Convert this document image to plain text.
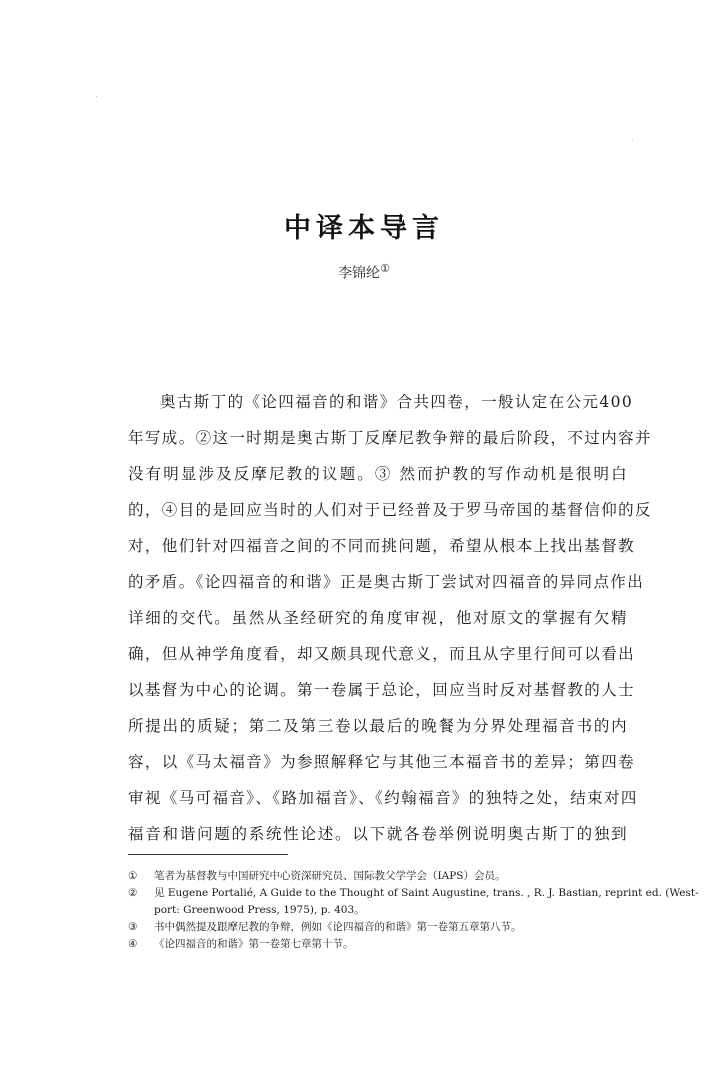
中译本导言
李锦纶①
奥古斯丁的《论四福音的和谐》合共四卷，一般认定在公元400
年写成。②这一时期是奥古斯丁反摩尼教争辩的最后阶段，不过内容并
没有明显涉及反摩尼教的议题。③ 然而护教的写作动机是很明白
的，④目的是回应当时的人们对于已经普及于罗马帝国的基督信仰的反
对，他们针对四福音之间的不同而挑问题，希望从根本上找出基督教
的矛盾。《论四福音的和谐》正是奥古斯丁尝试对四福音的异同点作出
详细的交代。虽然从圣经研究的角度审视，他对原文的掌握有欠精
确，但从神学角度看，却又颇具现代意义，而且从字里行间可以看出
以基督为中心的论调。第一卷属于总论，回应当时反对基督教的人士
所提出的质疑；第二及第三卷以最后的晚餐为分界处理福音书的内
容，以《马太福音》为参照解释它与其他三本福音书的差异；第四卷
审视《马可福音》、《路加福音》、《约翰福音》的独特之处，结束对四
福音和谐问题的系统性论述。以下就各卷举例说明奥古斯丁的独到
① 笔者为基督教与中国研究中心资深研究员、国际教父学学会（IAPS）会员。
② 见 Eugene Portalié, A Guide to the Thought of Saint Augustine, trans. , R. J. Bastian, reprint ed. (West-
port: Greenwood Press, 1975), p. 403。
③ 书中偶然提及跟摩尼教的争辩，例如《论四福音的和谐》第一卷第五章第八节。
④ 《论四福音的和谐》第一卷第七章第十节。
